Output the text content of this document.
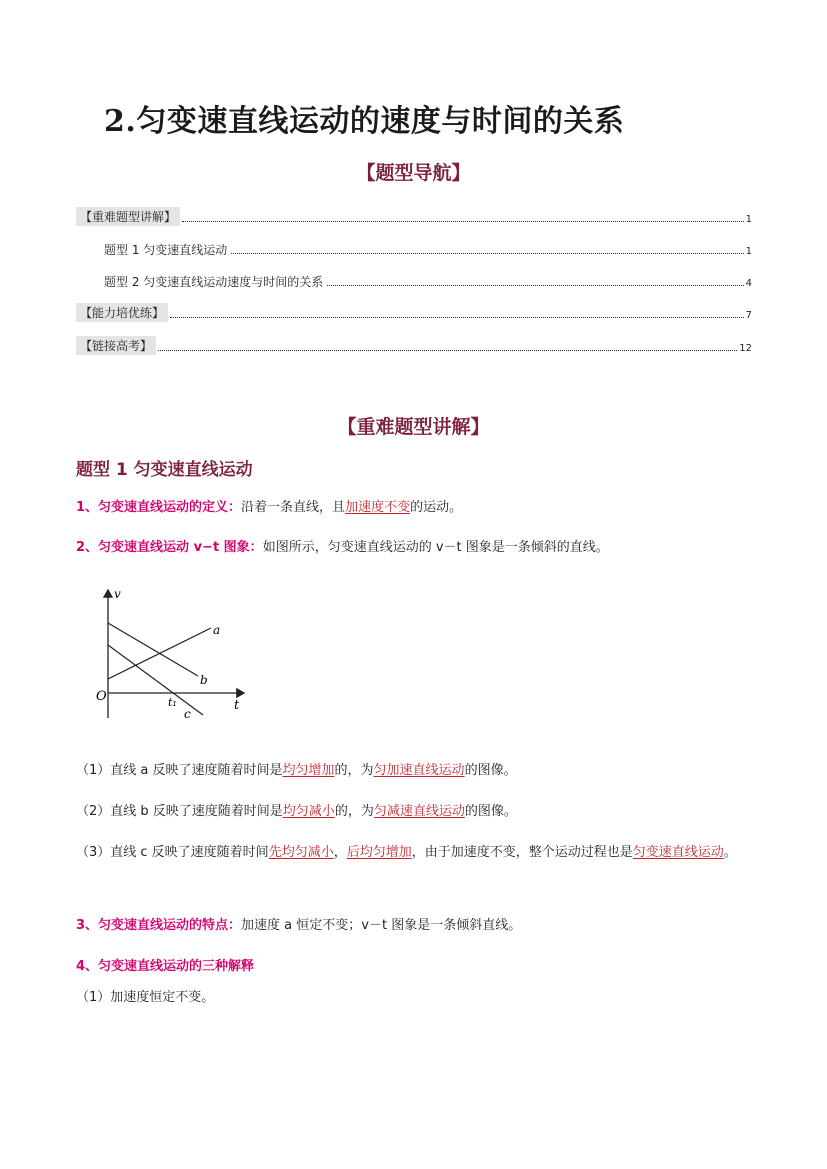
2.匀变速直线运动的速度与时间的关系
【题型导航】
【重难题型讲解】	1
题型 1 匀变速直线运动	1
题型 2 匀变速直线运动速度与时间的关系	4
【能力培优练】	7
【链接高考】	12
【重难题型讲解】
题型 1 匀变速直线运动

1、匀变速直线运动的定义：沿着一条直线，且加速度不变的运动。

2、匀变速直线运动 v−t 图象：如图所示，匀变速直线运动的 v－t 图象是一条倾斜的直线。

v
t
O	t₁
a
b
c

（1）直线 a 反映了速度随着时间是均匀增加的，为匀加速直线运动的图像。

（2）直线 b 反映了速度随着时间是均匀减小的，为匀减速直线运动的图像。

（3）直线 c 反映了速度随着时间先均匀减小，后均匀增加，由于加速度不变，整个运动过程也是匀变速直线运动。

3、匀变速直线运动的特点：加速度 a 恒定不变；v－t 图象是一条倾斜直线。

4、匀变速直线运动的三种解释

（1）加速度恒定不变。
